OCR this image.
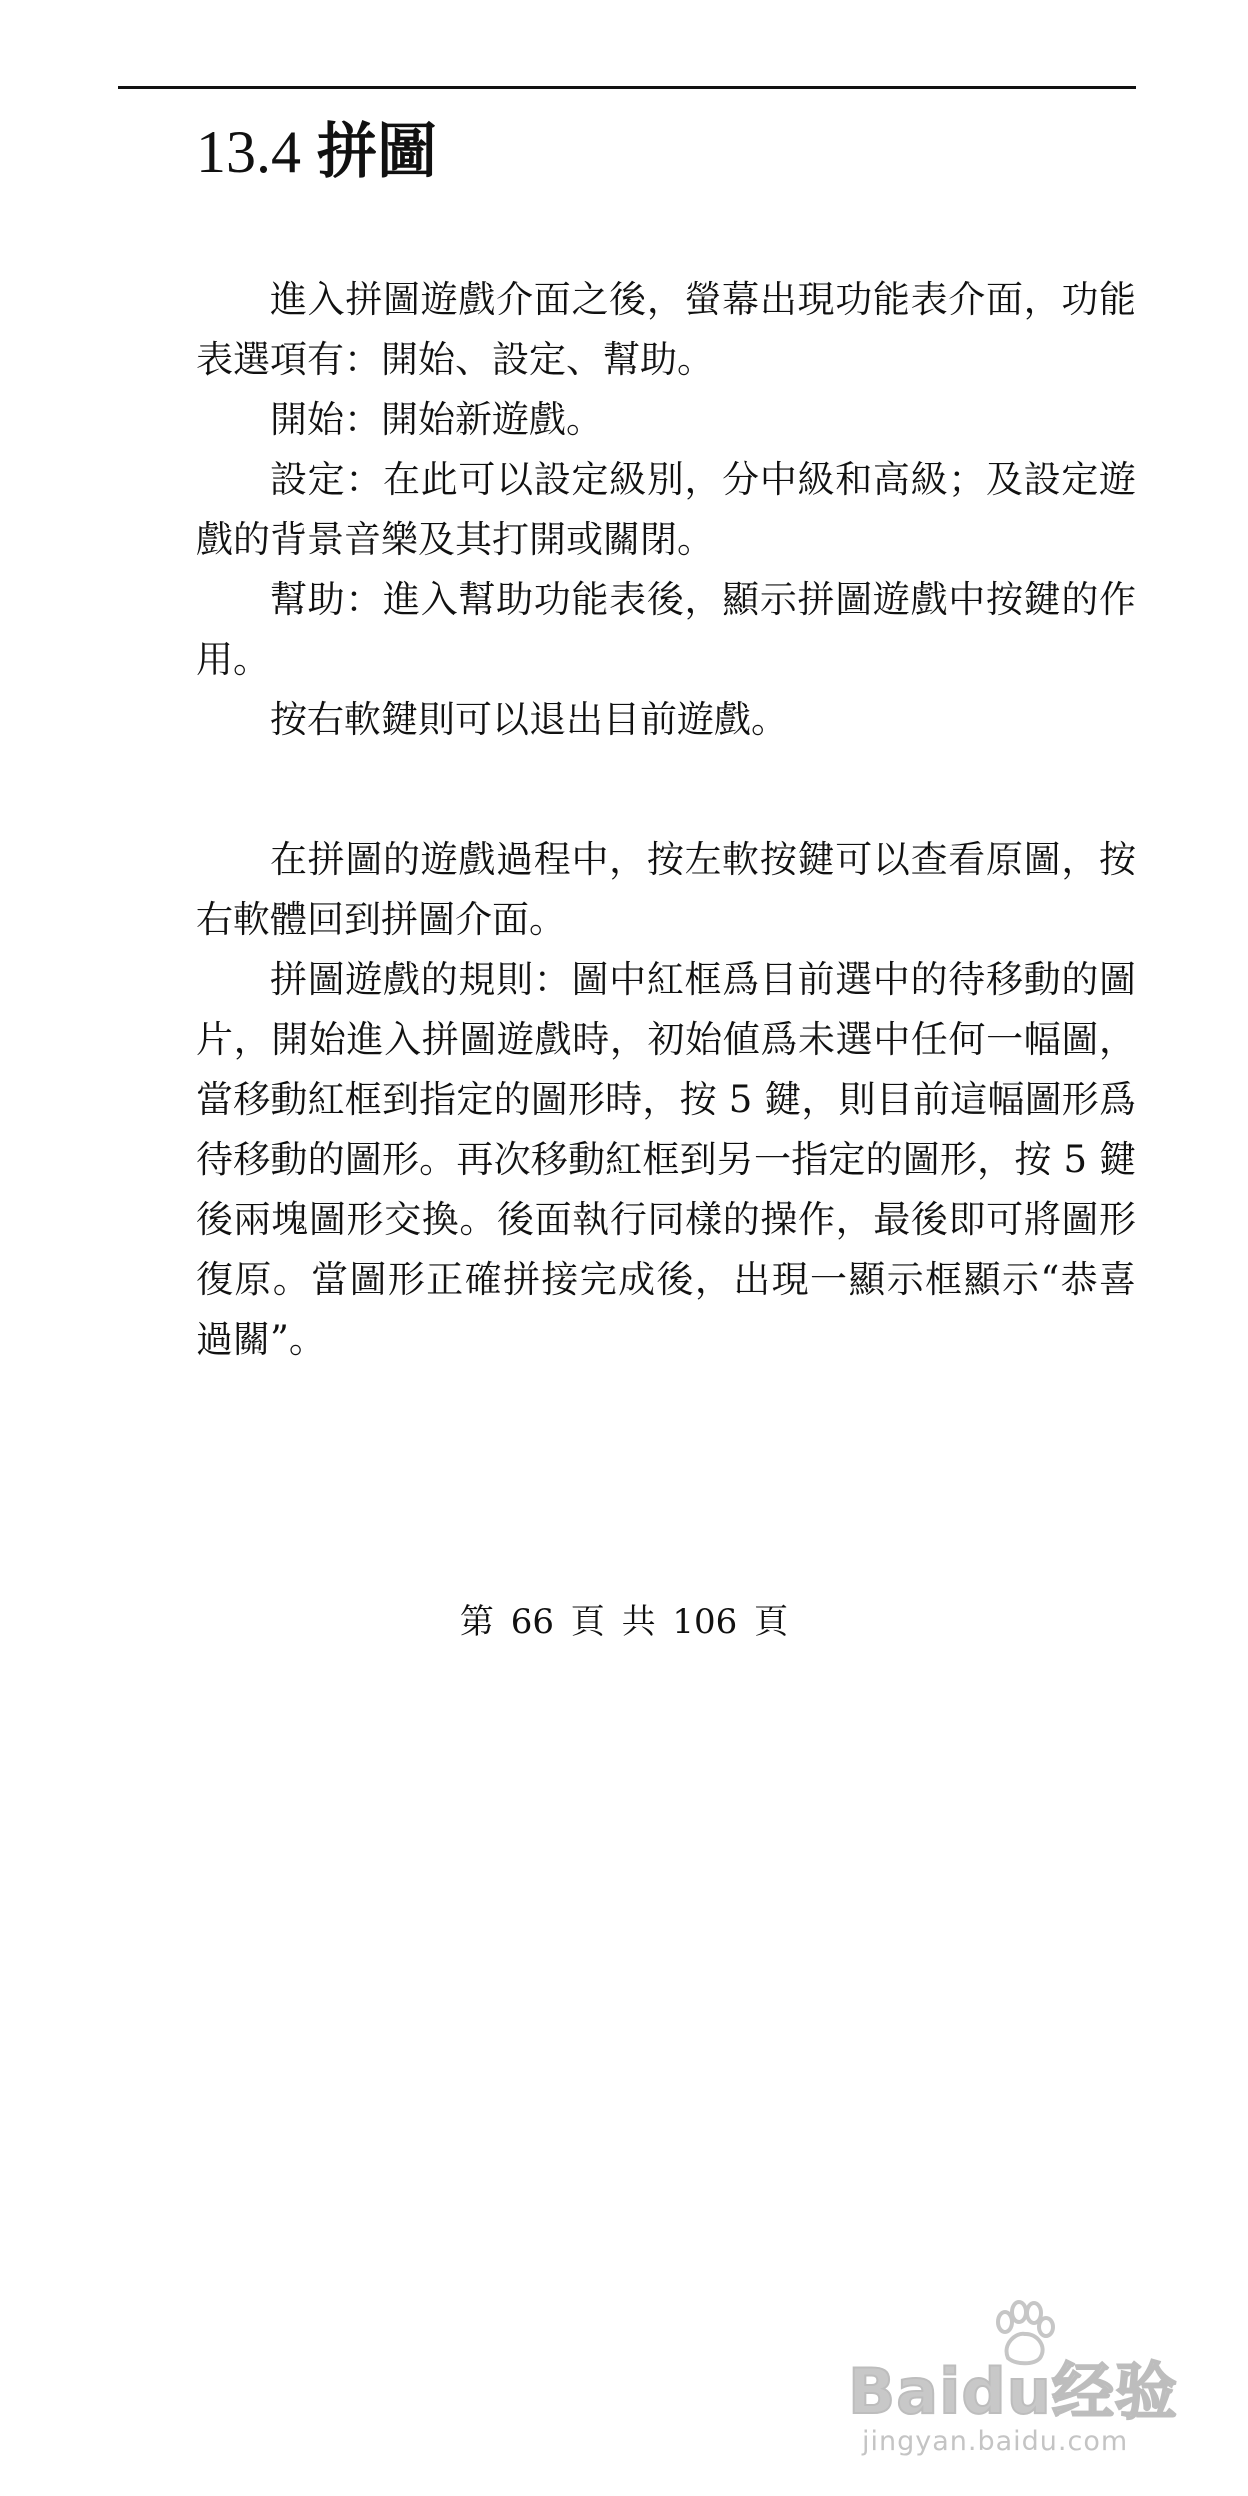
13.4 拼圖

進入拼圖遊戲介面之後，螢幕出現功能表介面，功能表選項有：開始、設定、幫助。

開始：開始新遊戲。

設定：在此可以設定級別，分中級和高級；及設定遊戲的背景音樂及其打開或關閉。

幫助：進入幫助功能表後，顯示拼圖遊戲中按鍵的作用。

按右軟鍵則可以退出目前遊戲。

在拼圖的遊戲過程中，按左軟按鍵可以查看原圖，按右軟體回到拼圖介面。

拼圖遊戲的規則：圖中紅框爲目前選中的待移動的圖片，開始進入拼圖遊戲時，初始値爲未選中任何一幅圖，當移動紅框到指定的圖形時，按 5 鍵，則目前這幅圖形爲待移動的圖形。再次移動紅框到另一指定的圖形，按 5 鍵後兩塊圖形交換。後面執行同樣的操作，最後即可將圖形復原。當圖形正確拼接完成後，出現一顯示框顯示“恭喜過關”。

第 66 頁 共 106 頁
Baidu经验
jingyan.baidu.com
